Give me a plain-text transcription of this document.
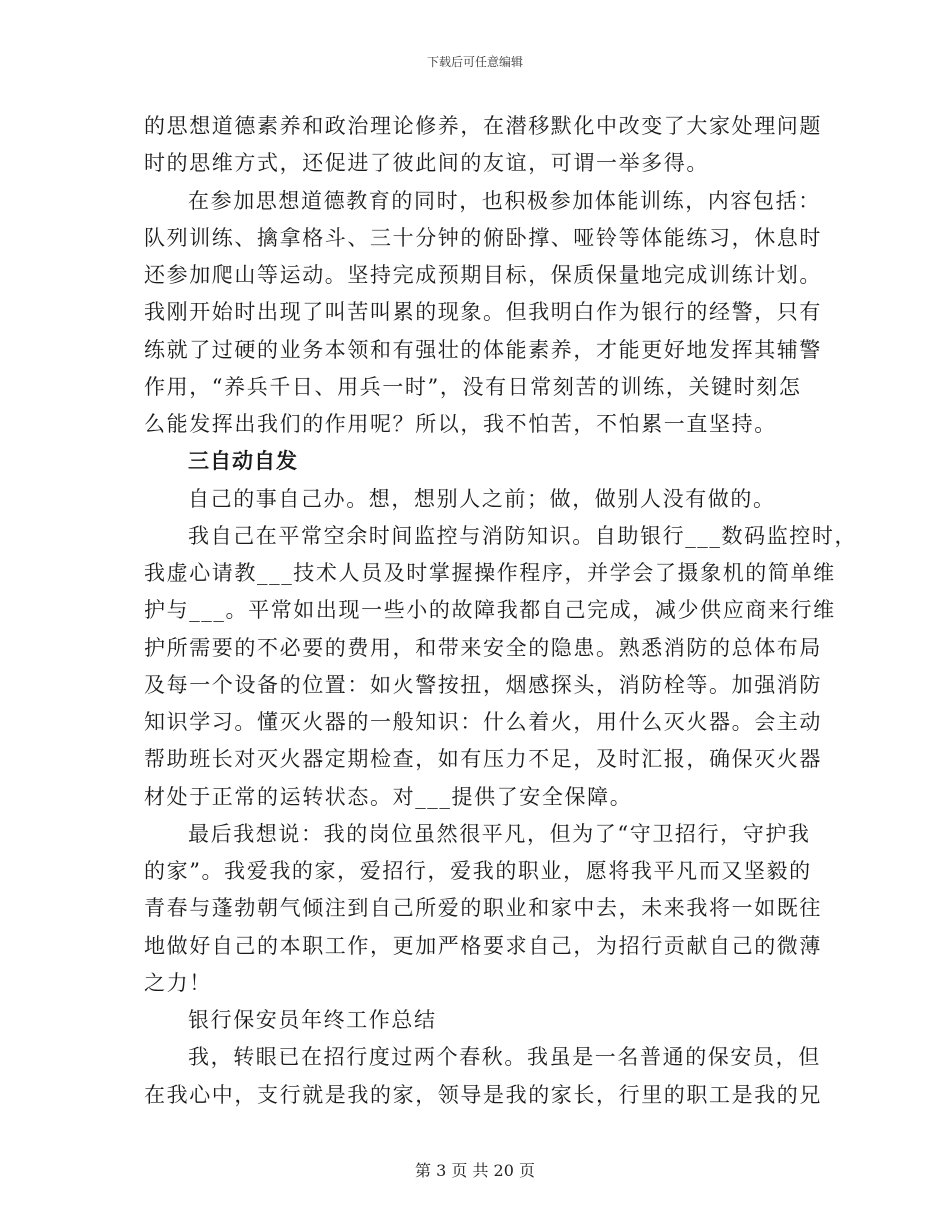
下载后可任意编辑
的思想道德素养和政治理论修养，在潜移默化中改变了大家处理问题
时的思维方式，还促进了彼此间的友谊，可谓一举多得。
在参加思想道德教育的同时，也积极参加体能训练，内容包括：
队列训练、擒拿格斗、三十分钟的俯卧撑、哑铃等体能练习，休息时
还参加爬山等运动。坚持完成预期目标，保质保量地完成训练计划。
我刚开始时出现了叫苦叫累的现象。但我明白作为银行的经警，只有
练就了过硬的业务本领和有强壮的体能素养，才能更好地发挥其辅警
作用，“养兵千日、用兵一时”，没有日常刻苦的训练，关键时刻怎
么能发挥出我们的作用呢？所以，我不怕苦，不怕累一直坚持。
三自动自发
自己的事自己办。想，想别人之前；做，做别人没有做的。
我自己在平常空余时间监控与消防知识。自助银行___数码监控时，
我虚心请教___技术人员及时掌握操作程序，并学会了摄象机的简单维
护与___。平常如出现一些小的故障我都自己完成，减少供应商来行维
护所需要的不必要的费用，和带来安全的隐患。熟悉消防的总体布局
及每一个设备的位置：如火警按扭，烟感探头，消防栓等。加强消防
知识学习。懂灭火器的一般知识：什么着火，用什么灭火器。会主动
帮助班长对灭火器定期检查，如有压力不足，及时汇报，确保灭火器
材处于正常的运转状态。对___提供了安全保障。
最后我想说：我的岗位虽然很平凡，但为了“守卫招行，守护我
的家”。我爱我的家，爱招行，爱我的职业，愿将我平凡而又坚毅的
青春与蓬勃朝气倾注到自己所爱的职业和家中去，未来我将一如既往
地做好自己的本职工作，更加严格要求自己，为招行贡献自己的微薄
之力！
银行保安员年终工作总结
我，转眼已在招行度过两个春秋。我虽是一名普通的保安员，但
在我心中，支行就是我的家，领导是我的家长，行里的职工是我的兄
第 3 页 共 20 页
